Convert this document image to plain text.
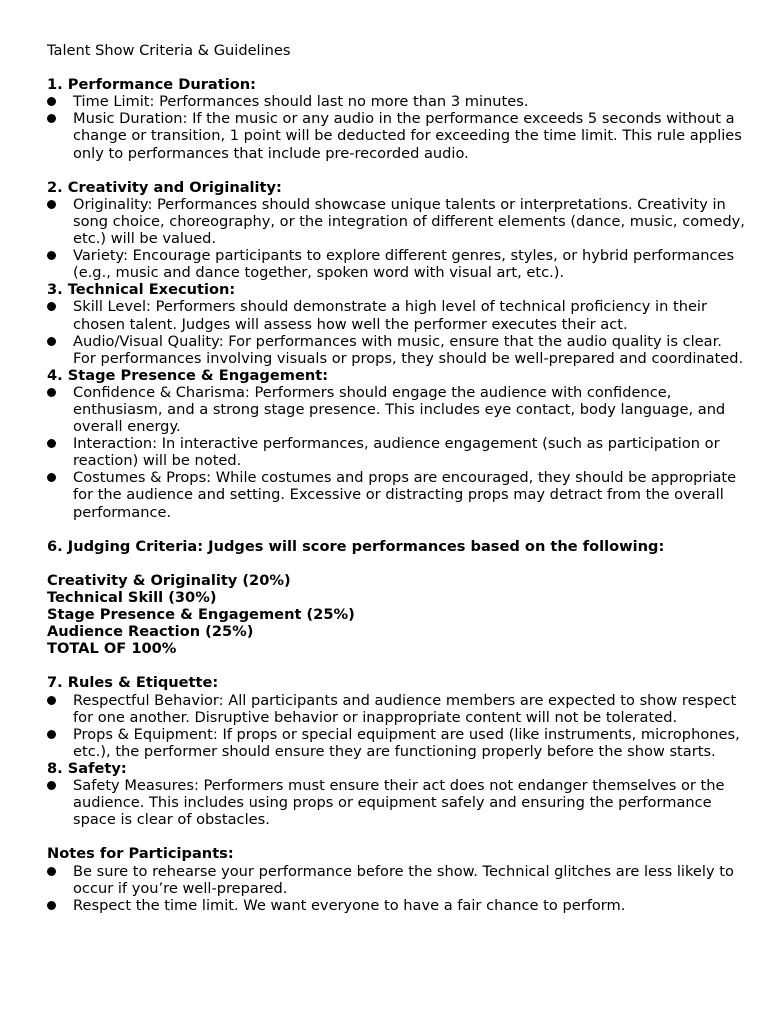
Talent Show Criteria & Guidelines

1. Performance Duration:

Time Limit: Performances should last no more than 3 minutes.
Music Duration: If the music or any audio in the performance exceeds 5 seconds without a change or transition, 1 point will be deducted for exceeding the time limit. This rule applies only to performances that include pre-recorded audio.

2. Creativity and Originality:

Originality: Performances should showcase unique talents or interpretations. Creativity in song choice, choreography, or the integration of different elements (dance, music, comedy, etc.) will be valued.
Variety: Encourage participants to explore different genres, styles, or hybrid performances (e.g., music and dance together, spoken word with visual art, etc.).

3. Technical Execution:

Skill Level: Performers should demonstrate a high level of technical proficiency in their chosen talent. Judges will assess how well the performer executes their act.
Audio/Visual Quality: For performances with music, ensure that the audio quality is clear. For performances involving visuals or props, they should be well-prepared and coordinated.

4. Stage Presence & Engagement:

Confidence & Charisma: Performers should engage the audience with confidence, enthusiasm, and a strong stage presence. This includes eye contact, body language, and overall energy.
Interaction: In interactive performances, audience engagement (such as participation or reaction) will be noted.
Costumes & Props: While costumes and props are encouraged, they should be appropriate for the audience and setting. Excessive or distracting props may detract from the overall performance.

6. Judging Criteria: Judges will score performances based on the following:

Creativity & Originality (20%)

Technical Skill (30%)

Stage Presence & Engagement (25%)

Audience Reaction (25%)

TOTAL OF 100%

7. Rules & Etiquette:

Respectful Behavior: All participants and audience members are expected to show respect for one another. Disruptive behavior or inappropriate content will not be tolerated.
Props & Equipment: If props or special equipment are used (like instruments, microphones, etc.), the performer should ensure they are functioning properly before the show starts.

8. Safety:

Safety Measures: Performers must ensure their act does not endanger themselves or the audience. This includes using props or equipment safely and ensuring the performance space is clear of obstacles.

Notes for Participants:

Be sure to rehearse your performance before the show. Technical glitches are less likely to occur if you’re well-prepared.
Respect the time limit. We want everyone to have a fair chance to perform.
